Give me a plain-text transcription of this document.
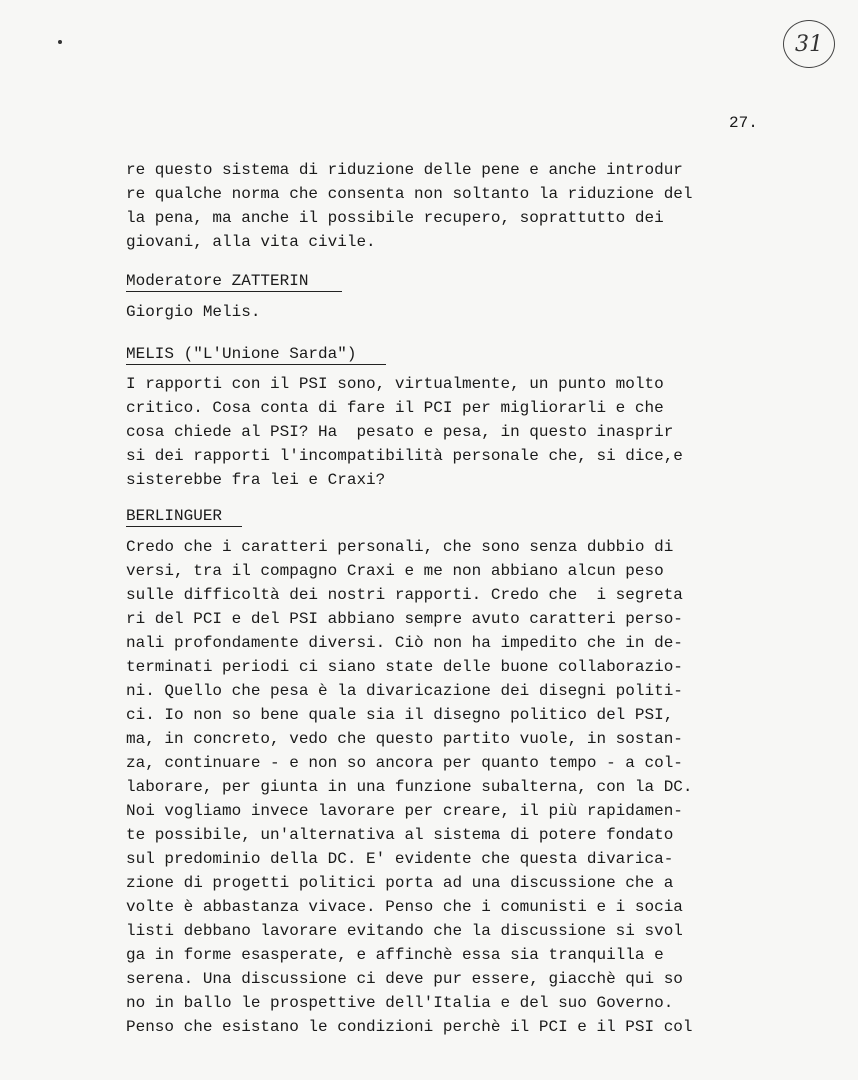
31
27.
re questo sistema di riduzione delle pene e anche introdur
re qualche norma che consenta non soltanto la riduzione del
la pena, ma anche il possibile recupero, soprattutto dei
giovani, alla vita civile.
Moderatore ZATTERIN
Giorgio Melis.
MELIS ("L'Unione Sarda")
I rapporti con il PSI sono, virtualmente, un punto molto
critico. Cosa conta di fare il PCI per migliorarli e che
cosa chiede al PSI? Ha  pesato e pesa, in questo inasprir
si dei rapporti l'incompatibilità personale che, si dice,e
sisterebbe fra lei e Craxi?
BERLINGUER
Credo che i caratteri personali, che sono senza dubbio di
versi, tra il compagno Craxi e me non abbiano alcun peso
sulle difficoltà dei nostri rapporti. Credo che  i segreta
ri del PCI e del PSI abbiano sempre avuto caratteri perso-
nali profondamente diversi. Ciò non ha impedito che in de-
terminati periodi ci siano state delle buone collaborazio-
ni. Quello che pesa è la divaricazione dei disegni politi-
ci. Io non so bene quale sia il disegno politico del PSI,
ma, in concreto, vedo che questo partito vuole, in sostan-
za, continuare - e non so ancora per quanto tempo - a col-
laborare, per giunta in una funzione subalterna, con la DC.
Noi vogliamo invece lavorare per creare, il più rapidamen-
te possibile, un'alternativa al sistema di potere fondato
sul predominio della DC. E' evidente che questa divarica-
zione di progetti politici porta ad una discussione che a
volte è abbastanza vivace. Penso che i comunisti e i socia
listi debbano lavorare evitando che la discussione si svol
ga in forme esasperate, e affinchè essa sia tranquilla e
serena. Una discussione ci deve pur essere, giacchè qui so
no in ballo le prospettive dell'Italia e del suo Governo.
Penso che esistano le condizioni perchè il PCI e il PSI col
